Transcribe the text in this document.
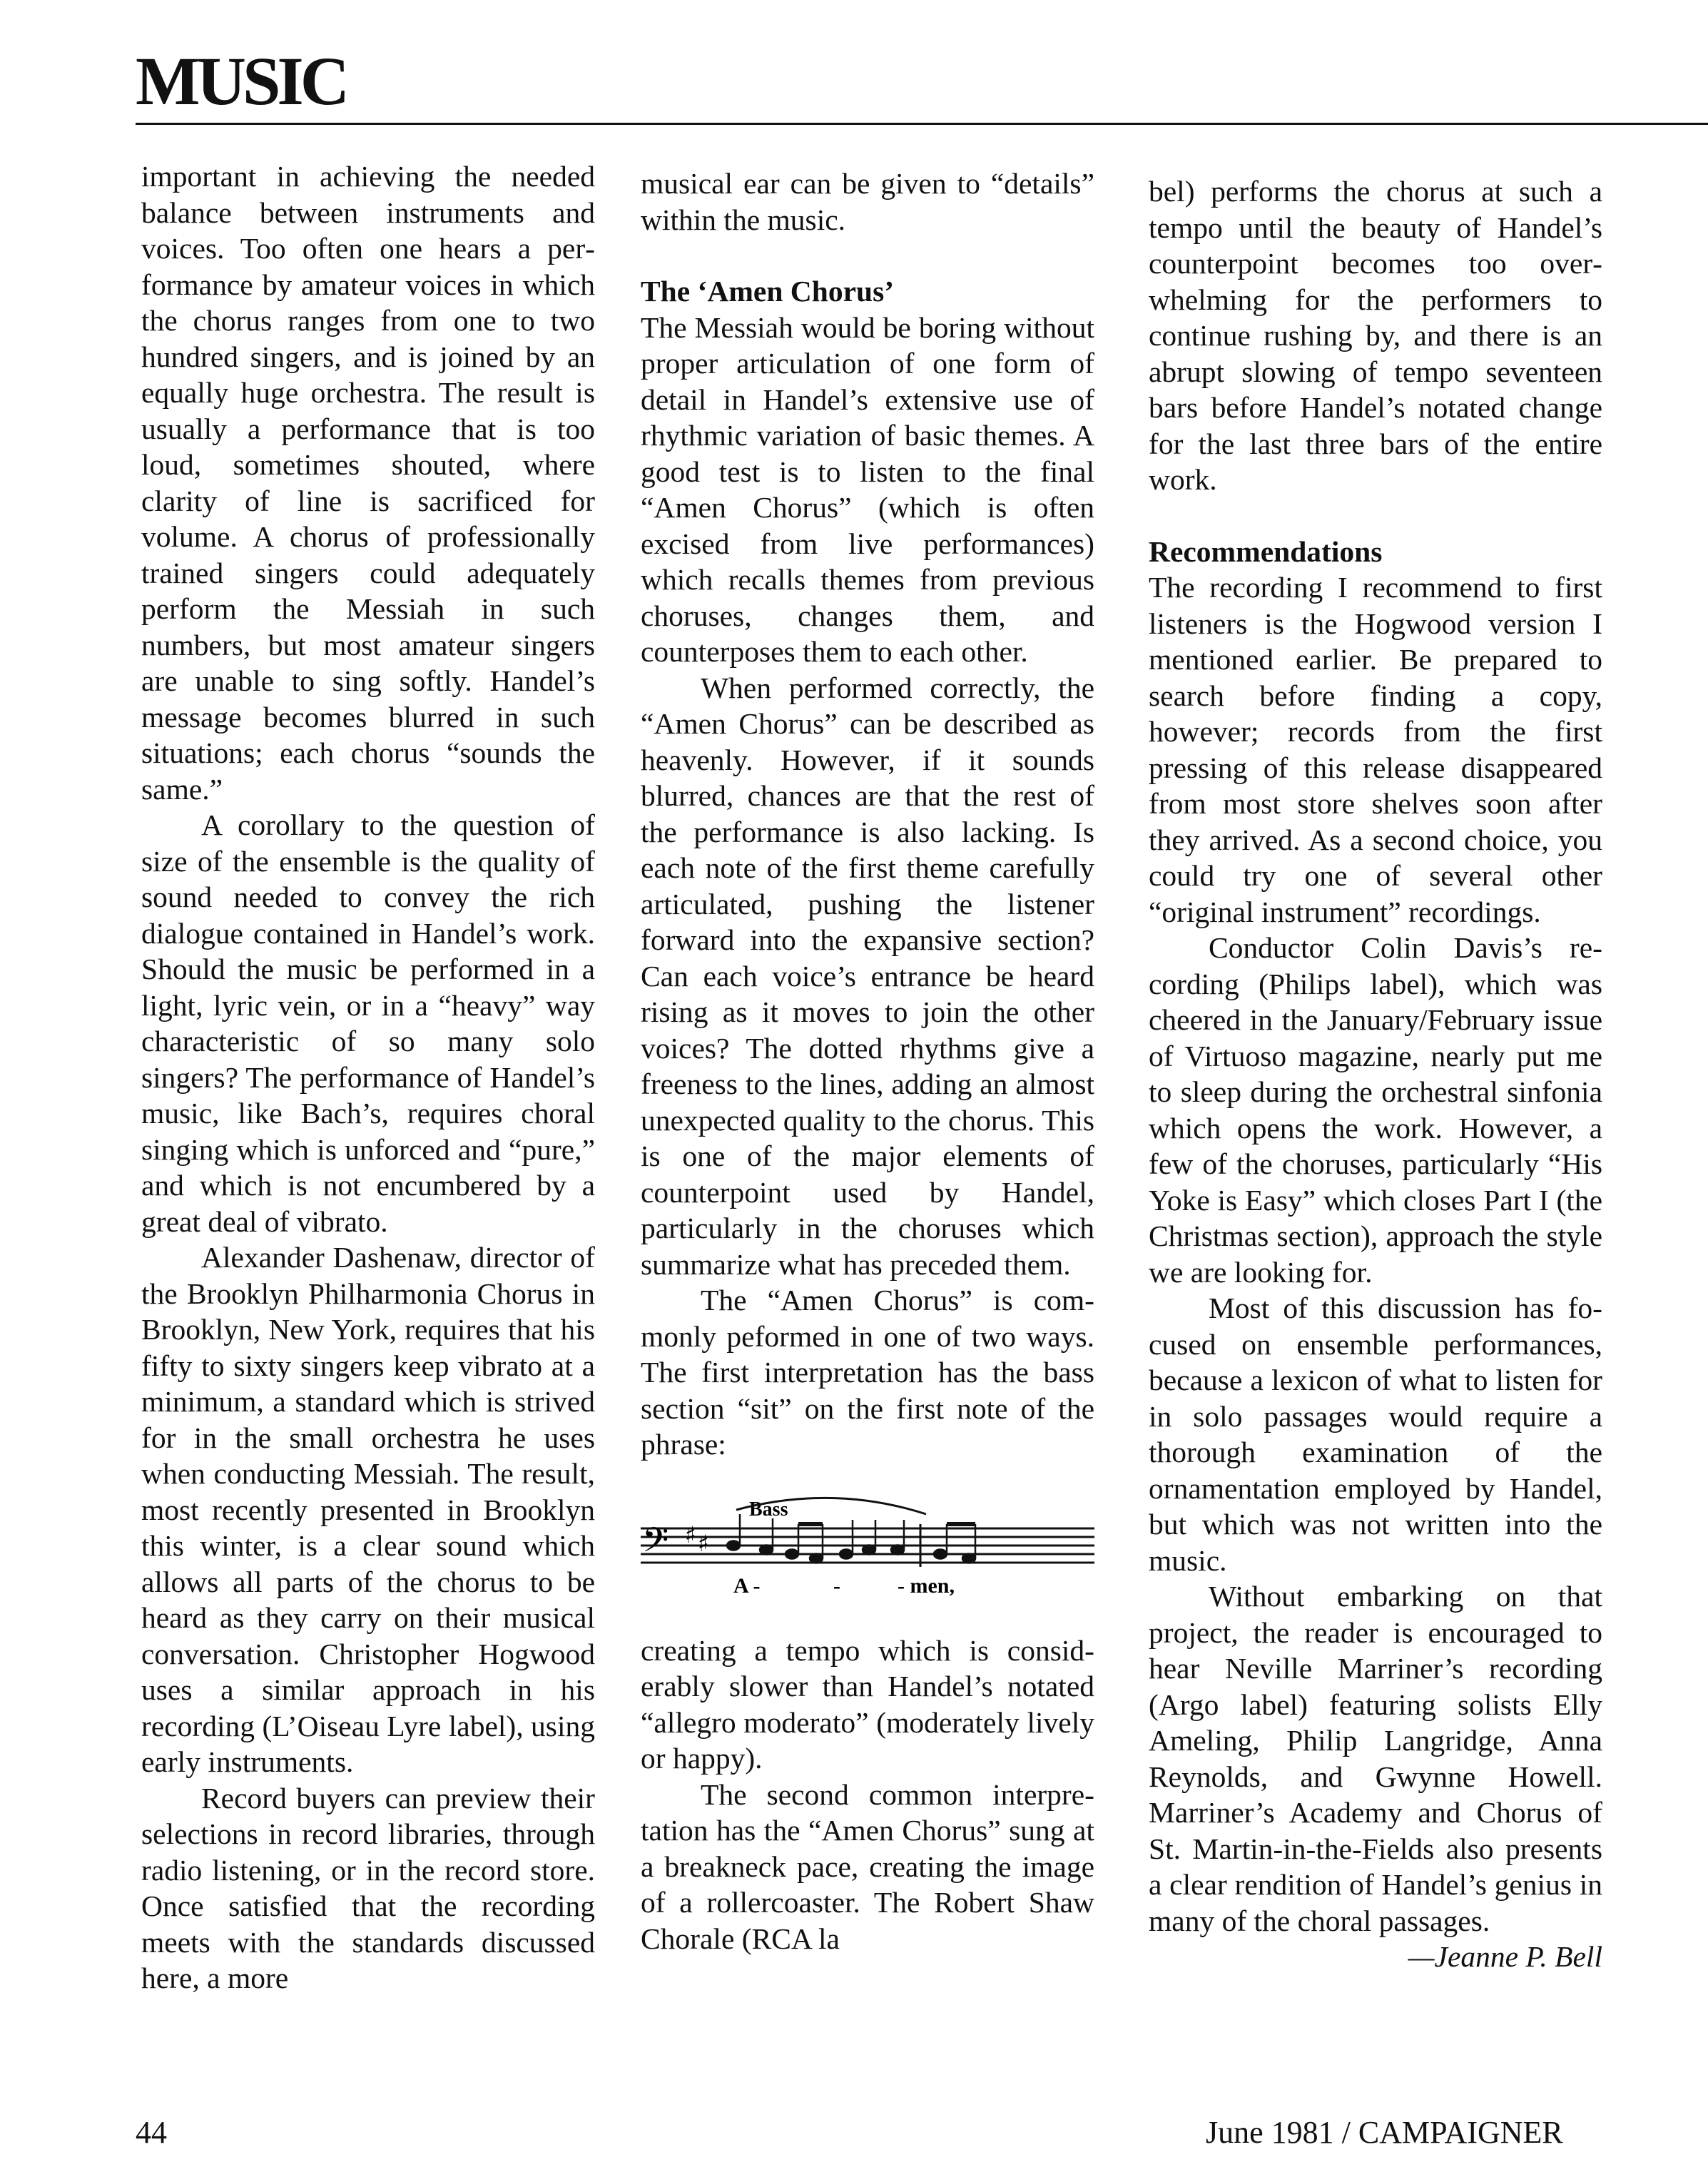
MUSIC

important in achieving the needed balance between instruments and voices. Too often one hears a performance by amateur voices in which the chorus ranges from one to two hundred singers, and is joined by an equally huge orchestra. The result is usually a performance that is too loud, sometimes shouted, where clarity of line is sacrificed for volume. A chorus of professionally trained singers could adequately perform the Messiah in such numbers, but most amateur singers are unable to sing softly. Handel’s message becomes blurred in such situations; each chorus “sounds the same.”

A corollary to the question of size of the ensemble is the quality of sound needed to convey the rich dialogue contained in Handel’s work. Should the music be performed in a light, lyric vein, or in a “heavy” way characteristic of so many solo singers? The performance of Handel’s music, like Bach’s, requires choral singing which is unforced and “pure,” and which is not encumbered by a great deal of vibrato.

Alexander Dashenaw, director of the Brooklyn Philharmonia Chorus in Brooklyn, New York, requires that his fifty to sixty singers keep vibrato at a minimum, a standard which is strived for in the small orchestra he uses when conducting Messiah. The result, most recently presented in Brooklyn this winter, is a clear sound which allows all parts of the chorus to be heard as they carry on their musical conversation. Christopher Hogwood uses a similar approach in his recording (L’Oiseau Lyre label), using early instruments.

Record buyers can preview their selections in record libraries, through radio listening, or in the record store. Once satisfied that the recording meets with the standards discussed here, a more

musical ear can be given to “details” within the music.

The ‘Amen Chorus’

The Messiah would be boring without proper articulation of one form of detail in Handel’s extensive use of rhythmic variation of basic themes. A good test is to listen to the final “Amen Chorus” (which is often excised from live performances) which recalls themes from previous choruses, changes them, and counterposes them to each other.

When performed correctly, the “Amen Chorus” can be described as heavenly. However, if it sounds blurred, chances are that the rest of the performance is also lacking. Is each note of the first theme carefully articulated, pushing the listener forward into the expansive section? Can each voice’s entrance be heard rising as it moves to join the other voices? The dotted rhythms give a freeness to the lines, adding an almost unexpected quality to the chorus. This is one of the major elements of counterpoint used by Handel, particularly in the choruses which summarize what has preceded them.

The “Amen Chorus” is commonly peformed in one of two ways. The first interpretation has the bass section “sit” on the first note of the phrase:

Bass
𝄢 ♯ ♯
A -	-	- men,

creating a tempo which is considerably slower than Handel’s notated “allegro moderato” (moderately lively or happy).

The second common interpretation has the “Amen Chorus” sung at a breakneck pace, creating the image of a rollercoaster. The Robert Shaw Chorale (RCA la

bel) performs the chorus at such a tempo until the beauty of Handel’s counterpoint becomes too overwhelming for the performers to continue rushing by, and there is an abrupt slowing of tempo seventeen bars before Handel’s notated change for the last three bars of the entire work.

Recommendations

The recording I recommend to first listeners is the Hogwood version I mentioned earlier. Be prepared to search before finding a copy, however; records from the first pressing of this release disappeared from most store shelves soon after they arrived. As a second choice, you could try one of several other “original instrument” recordings.

Conductor Colin Davis’s recording (Philips label), which was cheered in the January/February issue of Virtuoso magazine, nearly put me to sleep during the orchestral sinfonia which opens the work. However, a few of the choruses, particularly “His Yoke is Easy” which closes Part I (the Christmas section), approach the style we are looking for.

Most of this discussion has focused on ensemble performances, because a lexicon of what to listen for in solo passages would require a thorough examination of the ornamentation employed by Handel, but which was not written into the music.

Without embarking on that project, the reader is encouraged to hear Neville Marriner’s recording (Argo label) featuring solists Elly Ameling, Philip Langridge, Anna Reynolds, and Gwynne Howell. Marriner’s Academy and Chorus of St. Martin-in-the-Fields also presents a clear rendition of Handel’s genius in many of the choral passages.

—Jeanne P. Bell

44	June 1981 / CAMPAIGNER
